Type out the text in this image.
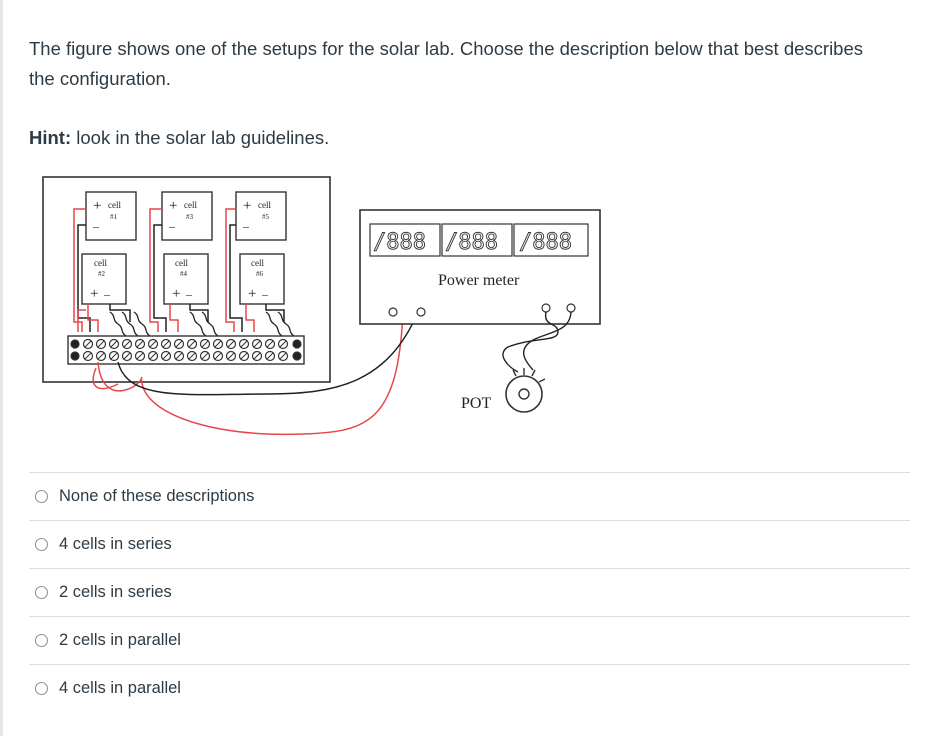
The figure shows one of the setups for the solar lab. Choose the description below that best describes the configuration.

Hint: look in the solar lab guidelines.

+ cell
#1
–
+ cell
#3
–
+ cell
#5
–
cell
#2
+ –
cell
#4
+ –
cell
#6
+ –
/888 /888 /888
Power meter
POT
None of these descriptions
4 cells in series
2 cells in series
2 cells in parallel
4 cells in parallel
